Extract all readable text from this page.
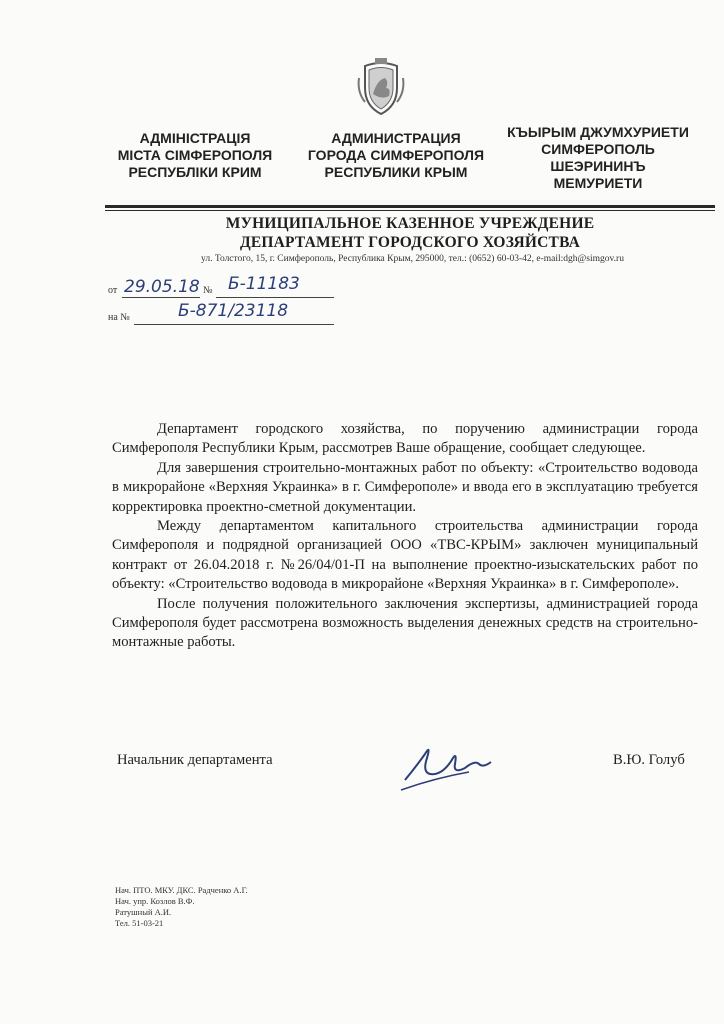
АДМІНІСТРАЦІЯ
МІСТА СІМФЕРОПОЛЯ
РЕСПУБЛІКИ КРИМ
АДМИНИСТРАЦИЯ
ГОРОДА СИМФЕРОПОЛЯ
РЕСПУБЛИКИ КРЫМ
КЪЫРЫМ ДЖУМХУРИЕТИ
СИМФЕРОПОЛЬ
ШЕЭРИНИНЪ
МЕМУРИЕТИ
МУНИЦИПАЛЬНОЕ КАЗЕННОЕ УЧРЕЖДЕНИЕ
ДЕПАРТАМЕНТ ГОРОДСКОГО ХОЗЯЙСТВА
ул. Толстого, 15, г. Симферополь, Республика Крым, 295000, тел.: (0652) 60-03-42, e-mail:dgh@simgov.ru
от 29.05.18 № Б-11183
на №	Б-871/23118

Департамент городского хозяйства, по поручению администрации города Симферополя Республики Крым, рассмотрев Ваше обращение, сообщает следующее.

Для завершения строительно-монтажных работ по объекту: «Строительство водовода в микрорайоне «Верхняя Украинка» в г. Симферополе» и ввода его в эксплуатацию требуется корректировка проектно-сметной документации.

Между департаментом капитального строительства администрации города Симферополя и подрядной организацией ООО «ТВС-КРЫМ» заключен муниципальный контракт от 26.04.2018 г. №26/04/01-П на выполнение проектно-изыскательских работ по объекту: «Строительство водовода в микрорайоне «Верхняя Украинка» в г. Симферополе».

После получения положительного заключения экспертизы, администрацией города Симферополя будет рассмотрена возможность выделения денежных средств на строительно-монтажные работы.

Начальник департамента	В.Ю. Голуб
Нач. ПТО. МКУ. ДКС. Радченко А.Г.
Нач. упр. Козлов В.Ф.
Ратушный А.И.
Тел. 51-03-21
